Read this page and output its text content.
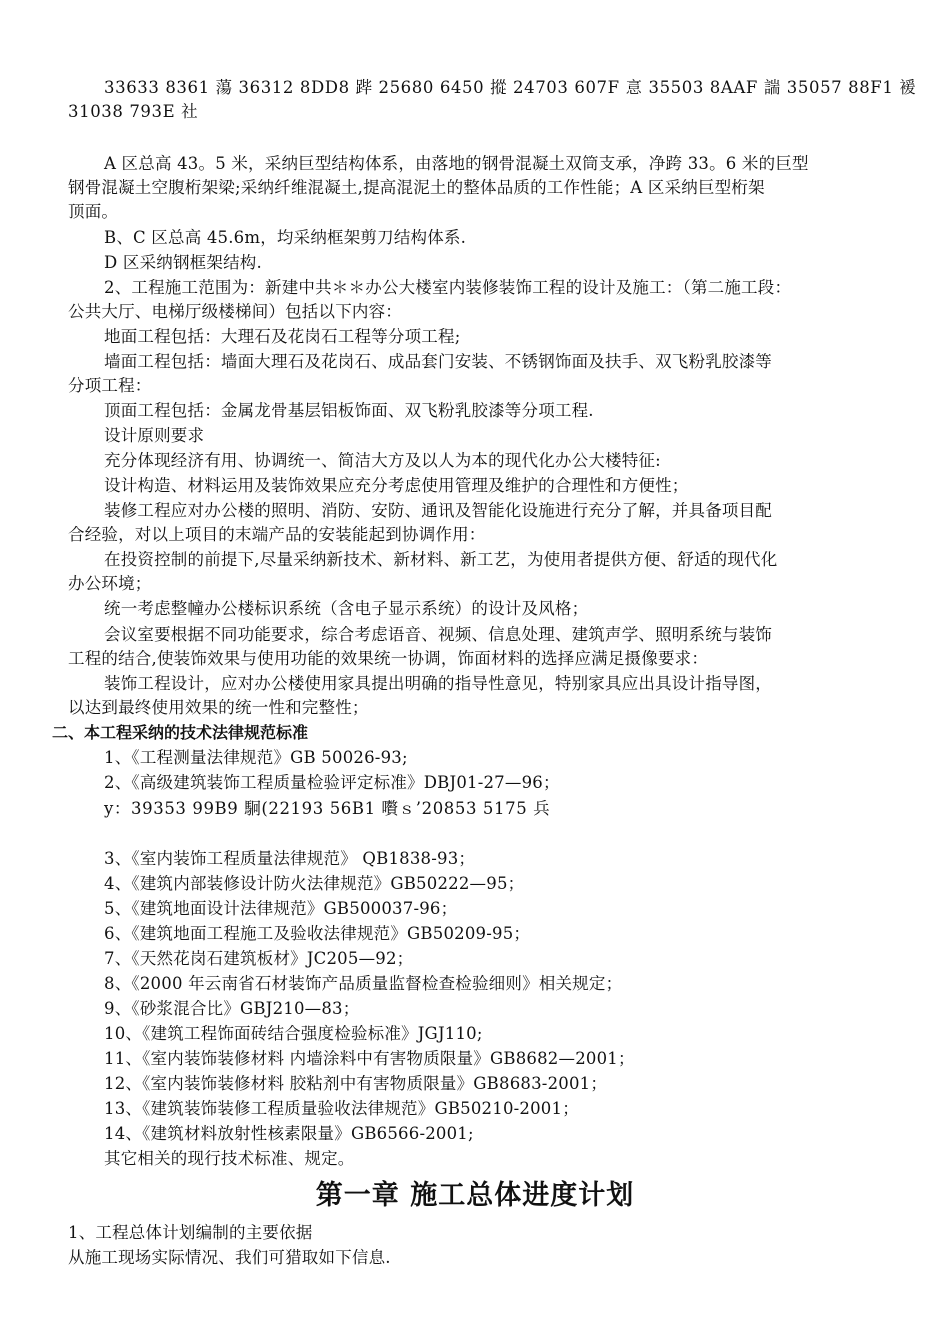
33633 8361 蕩 36312 8DD8 跸 25680 6450 摐 24703 607F 悥 35503 8AAF 諯 35057 88F1 褑
31038 793E 社
A 区总高 43。5 米，采纳巨型结构体系，由落地的钢骨混凝土双筒支承，净跨 33。6 米的巨型
钢骨混凝土空腹桁架梁;采纳纤维混凝土,提高混泥土的整体品质的工作性能；A 区采纳巨型桁架
顶面。
B、C 区总高 45.6m，均采纳框架剪刀结构体系.
D 区采纳钢框架结构.
2、工程施工范围为：新建中共＊＊办公大楼室内装修装饰工程的设计及施工：（第二施工段：
公共大厅、电梯厅级楼梯间）包括以下内容：
地面工程包括：大理石及花岗石工程等分项工程;
墙面工程包括：墙面大理石及花岗石、成品套门安装、不锈钢饰面及扶手、双飞粉乳胶漆等
分项工程：
顶面工程包括：金属龙骨基层铝板饰面、双飞粉乳胶漆等分项工程.
设计原则要求
充分体现经济有用、协调统一、简洁大方及以人为本的现代化办公大楼特征:
设计构造、材料运用及装饰效果应充分考虑使用管理及维护的合理性和方便性；
装修工程应对办公楼的照明、消防、安防、通讯及智能化设施进行充分了解，并具备项目配
合经验，对以上项目的末端产品的安装能起到协调作用：
在投资控制的前提下,尽量采纳新技术、新材料、新工艺，为使用者提供方便、舒适的现代化
办公环境；
统一考虑整幢办公楼标识系统（含电子显示系统）的设计及风格；
会议室要根据不同功能要求，综合考虑语音、视频、信息处理、建筑声学、照明系统与装饰
工程的结合,使装饰效果与使用功能的效果统一协调，饰面材料的选择应满足摄像要求：
装饰工程设计，应对办公楼使用家具提出明确的指导性意见，特别家具应出具设计指导图，
以达到最终使用效果的统一性和完整性；
二、本工程采纳的技术法律规范标准
1、《工程测量法律规范》GB 50026-93;
2、《高级建筑装饰工程质量检验评定标准》DBJ01-27—96；
y：39353 99B9 駉(22193 56B1 嚽ｓ’20853 5175 兵
3、《室内装饰工程质量法律规范》 QB1838-93；
4、《建筑内部装修设计防火法律规范》GB50222—95；
5、《建筑地面设计法律规范》GB500037-96；
6、《建筑地面工程施工及验收法律规范》GB50209-95；
7、《天然花岗石建筑板材》JC205—92；
8、《2000 年云南省石材装饰产品质量监督检查检验细则》相关规定；
9、《砂浆混合比》GBJ210—83；
10、《建筑工程饰面砖结合强度检验标准》JGJ110;
11、《室内装饰装修材料 内墙涂料中有害物质限量》GB8682—2001；
12、《室内装饰装修材料 胶粘剂中有害物质限量》GB8683-2001；
13、《建筑装饰装修工程质量验收法律规范》GB50210-2001；
14、《建筑材料放射性核素限量》GB6566-2001;
其它相关的现行技术标准、规定。
第一章 施工总体进度计划
1、工程总体计划编制的主要依据
从施工现场实际情况、我们可猎取如下信息.
